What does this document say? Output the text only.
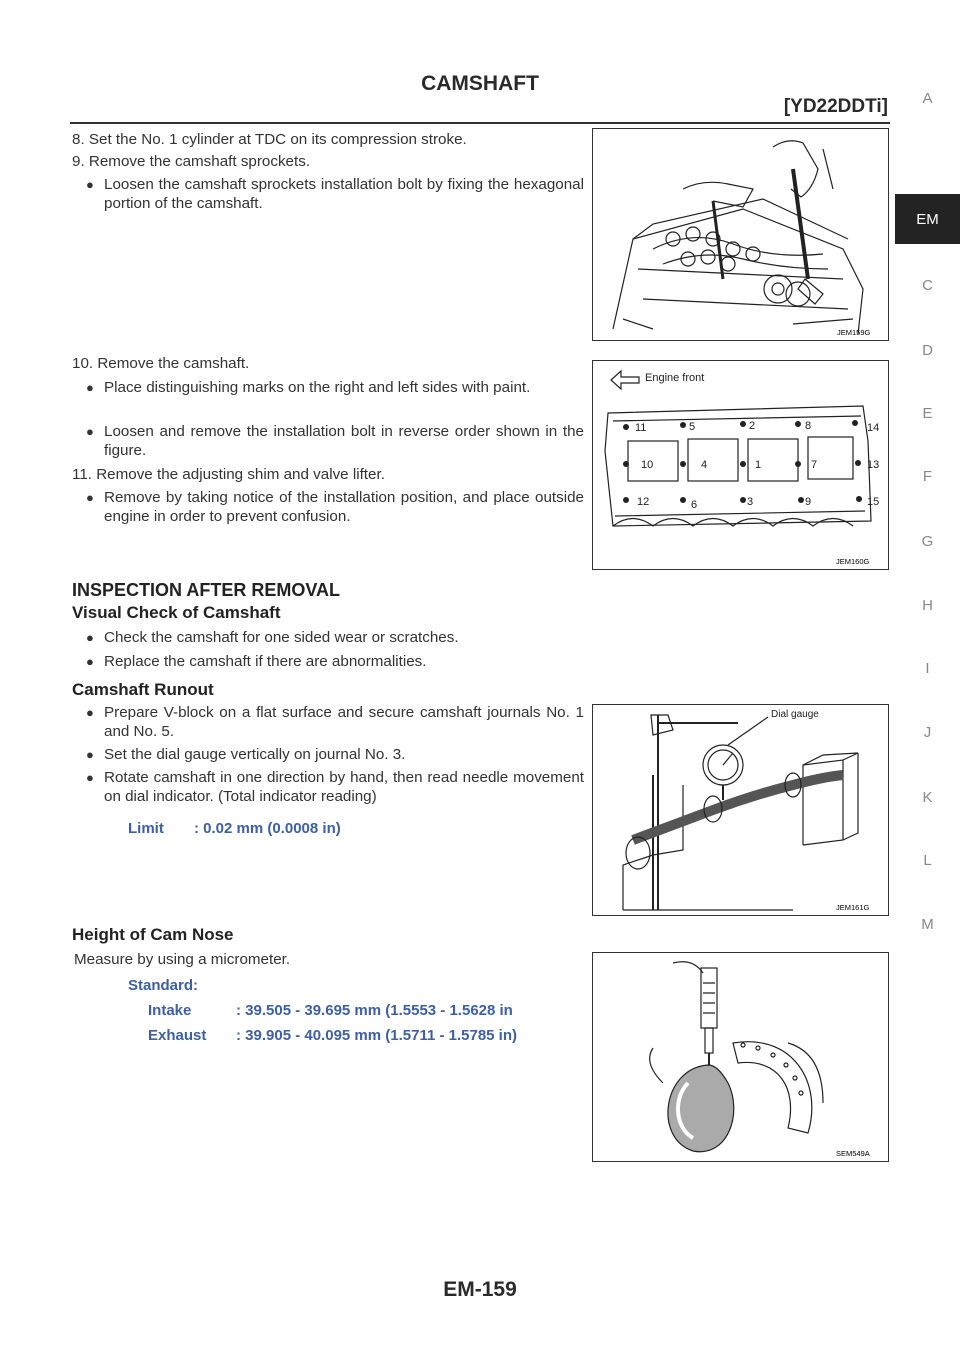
CAMSHAFT
[YD22DDTi]	A
EM
C
D
E
F
G
H
I
J
K
L
M
8. Set the No. 1 cylinder at TDC on its compression stroke.
9. Remove the camshaft sprockets.
● Loosen the camshaft sprockets installation bolt by fixing the hexagonal portion of the camshaft.
JEM159G
10. Remove the camshaft.
● Place distinguishing marks on the right and left sides with paint.
● Loosen and remove the installation bolt in reverse order shown in the figure.
11. Remove the adjusting shim and valve lifter.
● Remove by taking notice of the installation position, and place outside engine in order to prevent confusion.
Engine front
11	5	2	8	14
10	4	1	7	13
12	6	3	9	15
JEM160G
INSPECTION AFTER REMOVAL
Visual Check of Camshaft
● Check the camshaft for one sided wear or scratches.
● Replace the camshaft if there are abnormalities.
Camshaft Runout
● Prepare V-block on a flat surface and secure camshaft journals No. 1 and No. 5.
● Set the dial gauge vertically on journal No. 3.
● Rotate camshaft in one direction by hand, then read needle movement on dial indicator. (Total indicator reading)
Limit : 0.02 mm (0.0008 in)
Dial gauge
JEM161G
Height of Cam Nose
Measure by using a micrometer.
Standard:
Intake	: 39.505 - 39.695 mm (1.5553 - 1.5628 in
Exhaust : 39.905 - 40.095 mm (1.5711 - 1.5785 in)
SEM549A
EM-159
